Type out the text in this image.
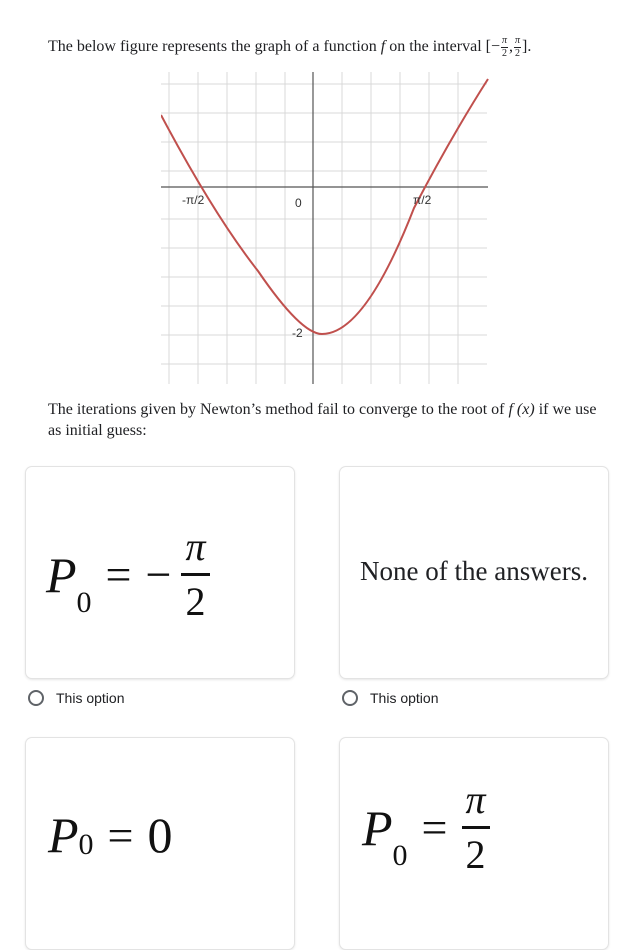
The below figure represents the graph of a function f on the interval [− $\frac{\pi}{2}$ , $\frac{\pi}{2}$ ].
-π/2	0	π/2
-2
The iterations given by Newton’s method fail to converge to the root of f (x) if we use as initial guess:
P 0
= − $\frac{\pi}{2}$
This option
None of the answers.
This option
P 0 = 0	P 0
= $\frac{\pi}{2}$
